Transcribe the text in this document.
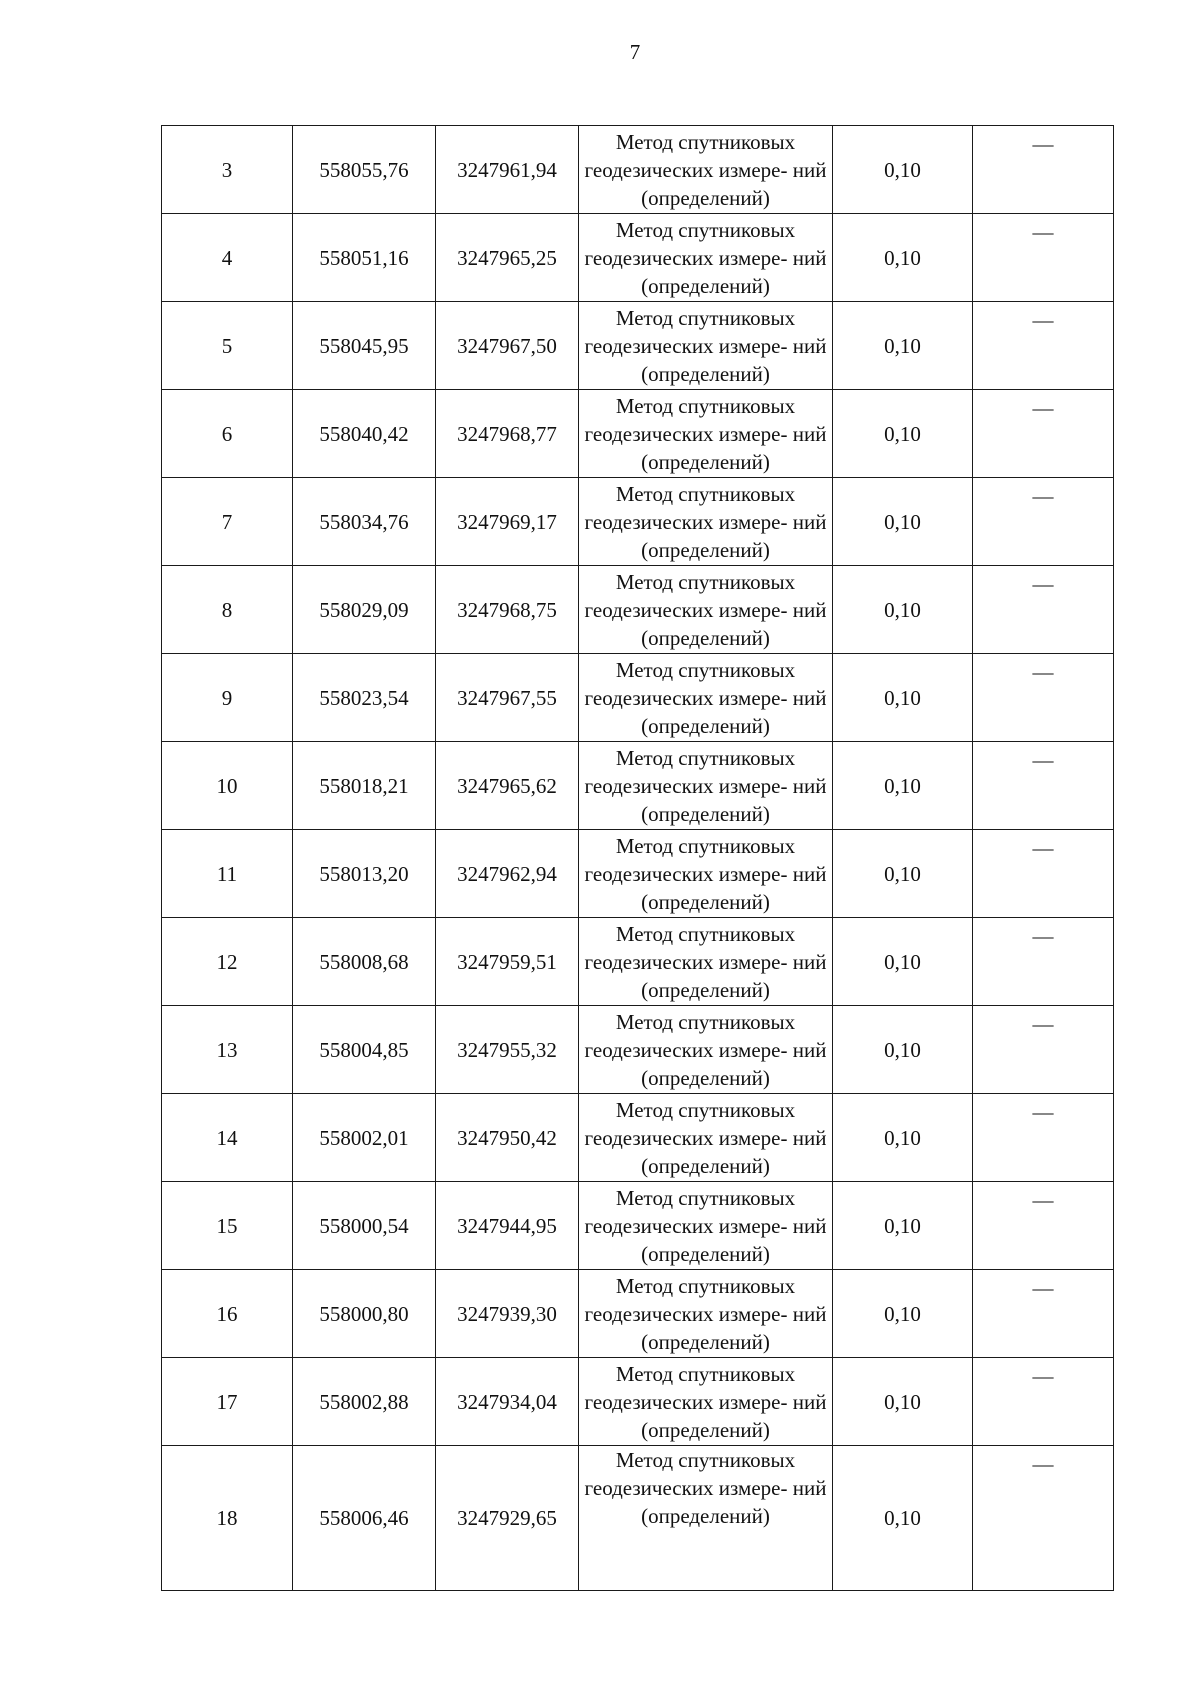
7
3	558055,76	3247961,94	Метод спутниковых геодезических измере- ний (определений)	0,10	—
4	558051,16	3247965,25	Метод спутниковых геодезических измере- ний (определений)	0,10	—
5	558045,95	3247967,50	Метод спутниковых геодезических измере- ний (определений)	0,10	—
6	558040,42	3247968,77	Метод спутниковых геодезических измере- ний (определений)	0,10	—
7	558034,76	3247969,17	Метод спутниковых геодезических измере- ний (определений)	0,10	—
8	558029,09	3247968,75	Метод спутниковых геодезических измере- ний (определений)	0,10	—
9	558023,54	3247967,55	Метод спутниковых геодезических измере- ний (определений)	0,10	—
10	558018,21	3247965,62	Метод спутниковых геодезических измере- ний (определений)	0,10	—
11	558013,20	3247962,94	Метод спутниковых геодезических измере- ний (определений)	0,10	—
12	558008,68	3247959,51	Метод спутниковых геодезических измере- ний (определений)	0,10	—
13	558004,85	3247955,32	Метод спутниковых геодезических измере- ний (определений)	0,10	—
14	558002,01	3247950,42	Метод спутниковых геодезических измере- ний (определений)	0,10	—
15	558000,54	3247944,95	Метод спутниковых геодезических измере- ний (определений)	0,10	—
16	558000,80	3247939,30	Метод спутниковых геодезических измере- ний (определений)	0,10	—
17	558002,88	3247934,04	Метод спутниковых геодезических измере- ний (определений)	0,10	—
18	558006,46	3247929,65	Метод спутниковых геодезических измере- ний (определений)	0,10	—
